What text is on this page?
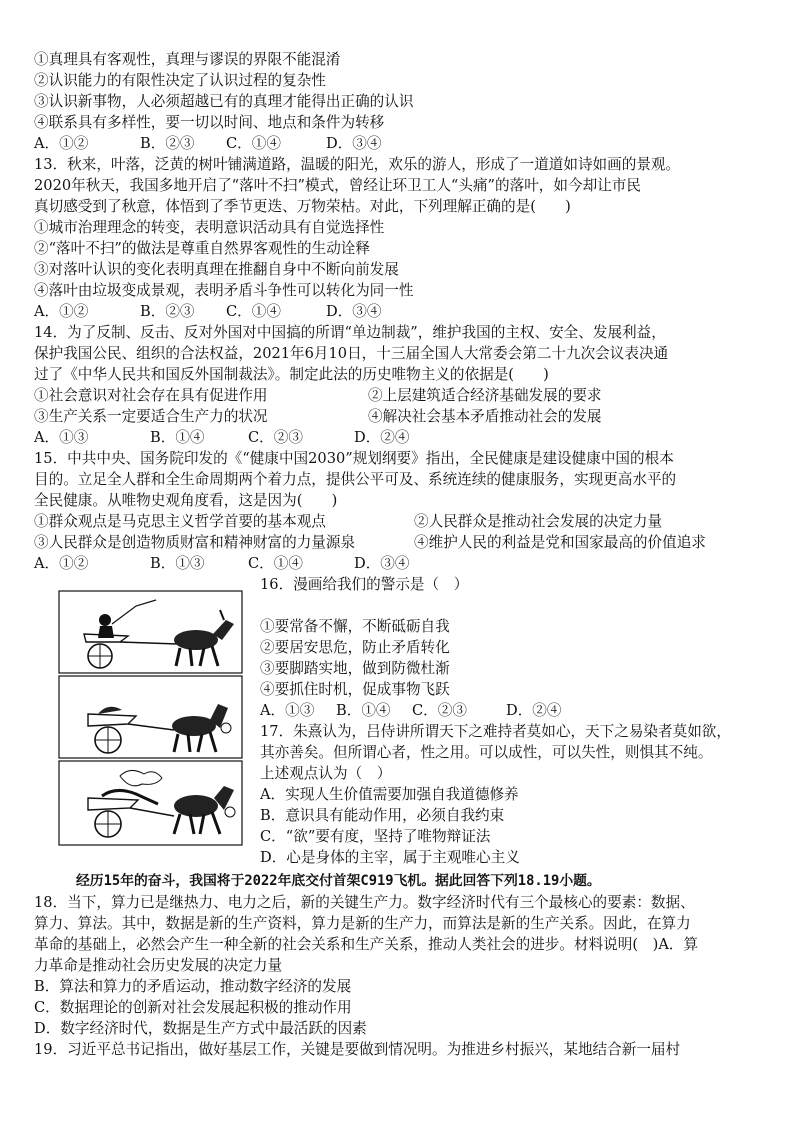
①真理具有客观性，真理与谬误的界限不能混淆
②认识能力的有限性决定了认识过程的复杂性
③认识新事物，人必须超越已有的真理才能得出正确的认识
④联系具有多样性，要一切以时间、地点和条件为转移
A．①②	B．②③ C．①④	D．③④
13．秋来，叶落，泛黄的树叶铺满道路，温暖的阳光，欢乐的游人，形成了一道道如诗如画的景观。
2020年秋天，我国多地开启了“落叶不扫”模式，曾经让环卫工人“头痛”的落叶，如今却让市民
真切感受到了秋意，体悟到了季节更迭、万物荣枯。对此，下列理解正确的是(　　)
①城市治理理念的转变，表明意识活动具有自觉选择性
②“落叶不扫”的做法是尊重自然界客观性的生动诠释
③对落叶认识的变化表明真理在推翻自身中不断向前发展
④落叶由垃圾变成景观，表明矛盾斗争性可以转化为同一性
A．①②	B．②③ C．①④	D．③④
14．为了反制、反击、反对外国对中国搞的所谓“单边制裁”，维护我国的主权、安全、发展利益，
保护我国公民、组织的合法权益，2021年6月10日，十三届全国人大常委会第二十九次会议表决通
过了《中华人民共和国反外国制裁法》。制定此法的历史唯物主义的依据是(　　)
①社会意识对社会存在具有促进作用	②上层建筑适合经济基础发展的要求
③生产关系一定要适合生产力的状况	④解决社会基本矛盾推动社会的发展
A．①③	B．①④	C．②③	D．②④
15．中共中央、国务院印发的《“健康中国2030”规划纲要》指出，全民健康是建设健康中国的根本
目的。立足全人群和全生命周期两个着力点，提供公平可及、系统连续的健康服务，实现更高水平的
全民健康。从唯物史观角度看，这是因为(　　)
①群众观点是马克思主义哲学首要的基本观点	②人民群众是推动社会发展的决定力量
③人民群众是创造物质财富和精神财富的力量源泉	④维护人民的利益是党和国家最高的价值追求
A．①②	B．①③	C．①④	D．③④
16．漫画给我们的警示是（　）
①要常备不懈，不断砥砺自我
②要居安思危，防止矛盾转化
③要脚踏实地，做到防微杜渐
④要抓住时机，促成事物飞跃
A．①③ B．①④ C．②③	D．②④
17．朱熹认为，吕侍讲所谓天下之难持者莫如心，天下之易染者莫如欲，
其亦善矣。但所谓心者，性之用。可以成性，可以失性，则惧其不纯。
上述观点认为（　）
A．实现人生价值需要加强自我道德修养
B．意识具有能动作用，必须自我约束
C．“欲”要有度，坚持了唯物辩证法
D．心是身体的主宰，属于主观唯心主义
经历15年的奋斗，我国将于2022年底交付首架C919飞机。据此回答下列18.19小题。
18．当下，算力已是继热力、电力之后，新的关键生产力。数字经济时代有三个最核心的要素：数据、
算力、算法。其中，数据是新的生产资料，算力是新的生产力，而算法是新的生产关系。因此，在算力
革命的基础上，必然会产生一种全新的社会关系和生产关系，推动人类社会的进步。材料说明(　)A．算
力革命是推动社会历史发展的决定力量
B．算法和算力的矛盾运动，推动数字经济的发展
C．数据理论的创新对社会发展起积极的推动作用
D．数字经济时代，数据是生产方式中最活跃的因素
19．习近平总书记指出，做好基层工作，关键是要做到情况明。为推进乡村振兴，某地结合新一届村
